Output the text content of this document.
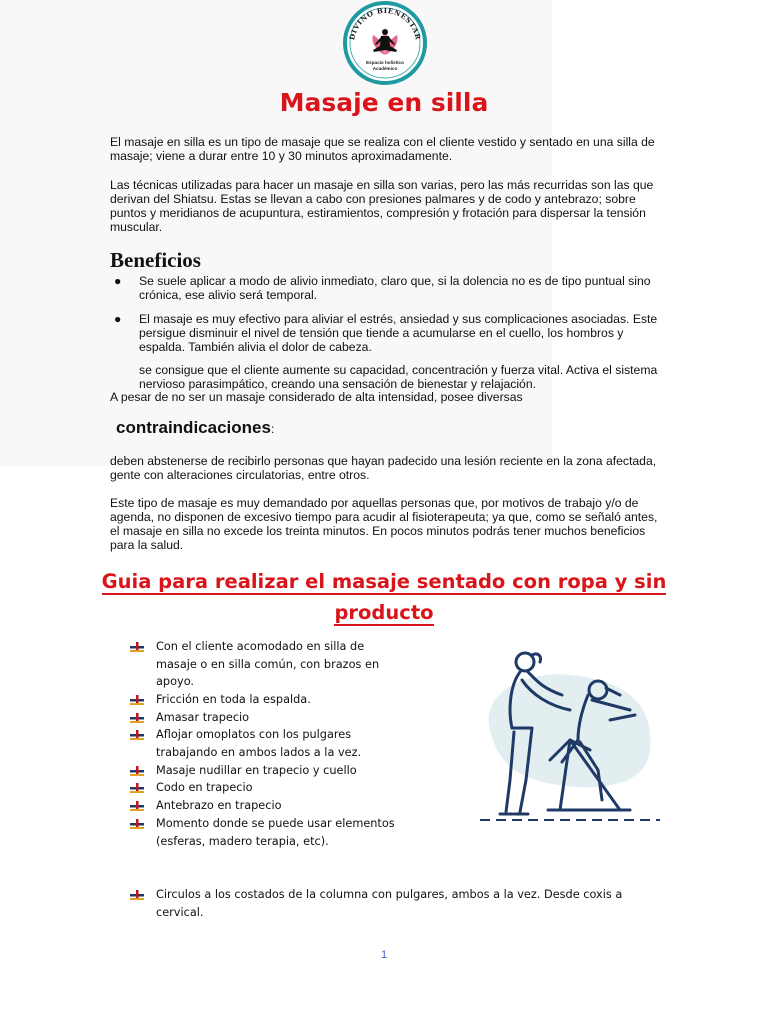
DIVINO BIENESTAR
Espacio holistico
Académico
Masaje en silla
El masaje en silla es un tipo de masaje que se realiza con el cliente vestido y sentado en una silla de masaje; viene a durar entre 10 y 30 minutos aproximadamente.
Las técnicas utilizadas para hacer un masaje en silla son varias, pero las más recurridas son las que derivan del Shiatsu. Estas se llevan a cabo con presiones palmares y de codo y antebrazo; sobre puntos y meridianos de acupuntura, estiramientos, compresión y frotación para dispersar la tensión muscular.
Beneficios
● Se suele aplicar a modo de alivio inmediato, claro que, si la dolencia no es de tipo puntual sino crónica, ese alivio será temporal.
● El masaje es muy efectivo para aliviar el estrés, ansiedad y sus complicaciones asociadas. Este persigue disminuir el nivel de tensión que tiende a acumularse en el cuello, los hombros y espalda. También alivia el dolor de cabeza.
se consigue que el cliente aumente su capacidad, concentración y fuerza vital. Activa el sistema nervioso parasimpático, creando una sensación de bienestar y relajación.
A pesar de no ser un masaje considerado de alta intensidad, posee diversas
contraindicaciones:
deben abstenerse de recibirlo personas que hayan padecido una lesión reciente en la zona afectada, gente con alteraciones circulatorias, entre otros.
Este tipo de masaje es muy demandado por aquellas personas que, por motivos de trabajo y/o de agenda, no disponen de excesivo tiempo para acudir al fisioterapeuta; ya que, como se señaló antes, el masaje en silla no excede los treinta minutos. En pocos minutos podrás tener muchos beneficios para la salud.
Guia para realizar el masaje sentado con ropa y sin
producto
Con el cliente acomodado en silla de masaje o en silla común, con brazos en apoyo.
Fricción en toda la espalda.
Amasar trapecio
Aflojar omoplatos con los pulgares trabajando en ambos lados a la vez.
Masaje nudillar en trapecio y cuello
Codo en trapecio
Antebrazo en trapecio
Momento donde se puede usar elementos (esferas, madero terapia, etc).
Circulos a los costados de la columna con pulgares, ambos a la vez. Desde coxis a cervical.
1
